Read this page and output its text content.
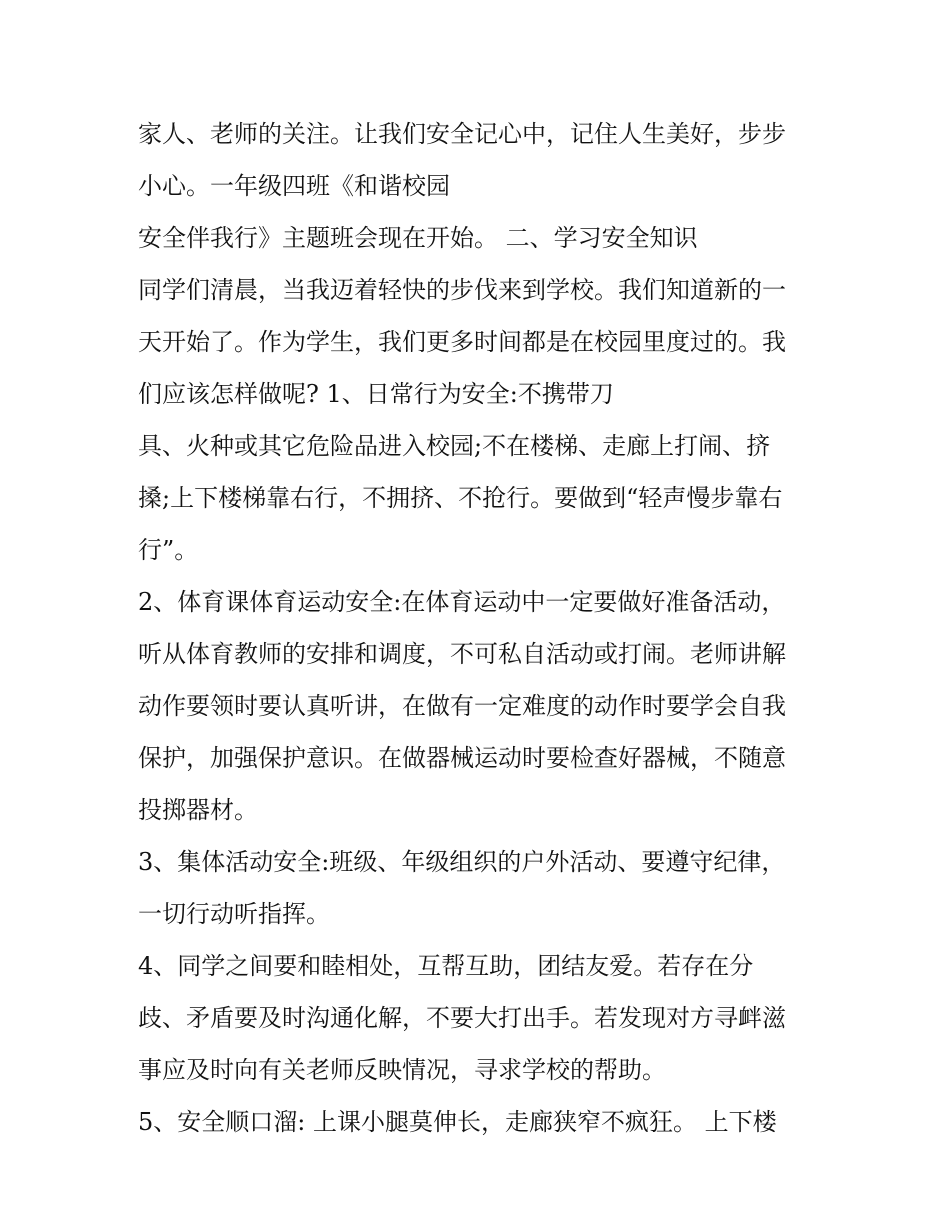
家人、老师的关注。让我们安全记心中，记住人生美好，步步
小心。一年级四班《和谐校园
安全伴我行》主题班会现在开始。 二、学习安全知识
同学们清晨，当我迈着轻快的步伐来到学校。我们知道新的一
天开始了。作为学生，我们更多时间都是在校园里度过的。我
们应该怎样做呢? 1、日常行为安全:不携带刀
具、火种或其它危险品进入校园;不在楼梯、走廊上打闹、挤
搡;上下楼梯靠右行，不拥挤、不抢行。要做到“轻声慢步靠右
行”。
2、体育课体育运动安全:在体育运动中一定要做好准备活动，
听从体育教师的安排和调度，不可私自活动或打闹。老师讲解
动作要领时要认真听讲，在做有一定难度的动作时要学会自我
保护，加强保护意识。在做器械运动时要检查好器械，不随意
投掷器材。
3、集体活动安全:班级、年级组织的户外活动、要遵守纪律，
一切行动听指挥。
4、同学之间要和睦相处，互帮互助，团结友爱。若存在分
歧、矛盾要及时沟通化解，不要大打出手。若发现对方寻衅滋
事应及时向有关老师反映情况，寻求学校的帮助。
5、安全顺口溜: 上课小腿莫伸长，走廊狭窄不疯狂。 上下楼
